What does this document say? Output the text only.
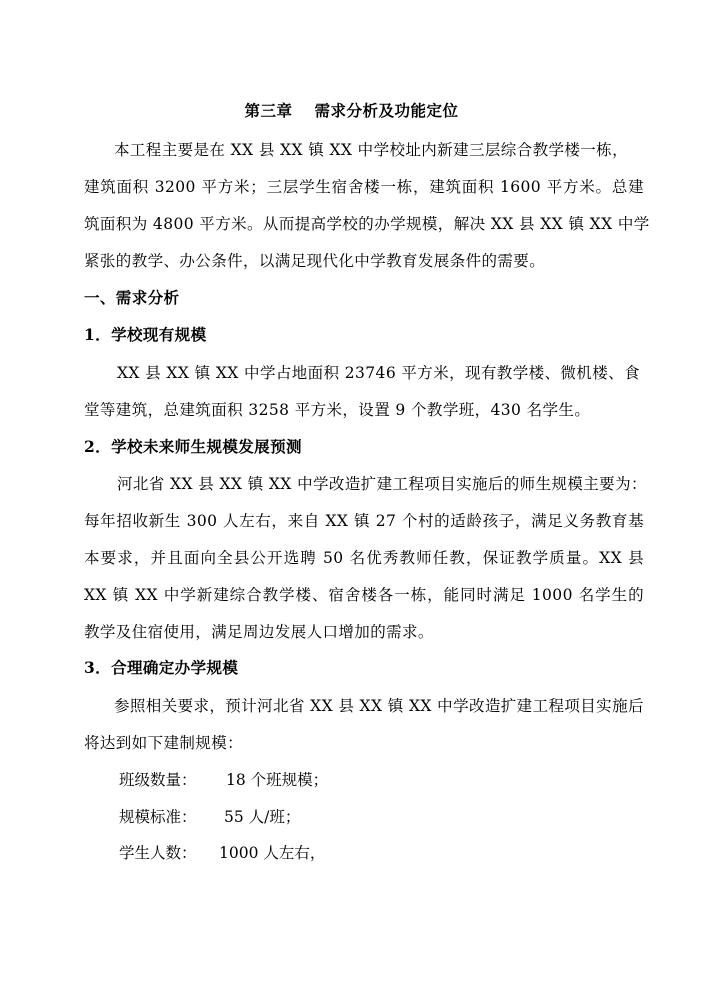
第三章 需求分析及功能定位
本工程主要是在 XX 县 XX 镇 XX 中学校址内新建三层综合教学楼一栋，
建筑面积 3200 平方米；三层学生宿舍楼一栋，建筑面积 1600 平方米。总建
筑面积为 4800 平方米。从而提高学校的办学规模，解决 XX 县 XX 镇 XX 中学
紧张的教学、办公条件，以满足现代化中学教育发展条件的需要。
一、需求分析
1．学校现有规模
XX 县 XX 镇 XX 中学占地面积 23746 平方米，现有教学楼、微机楼、食
堂等建筑，总建筑面积 3258 平方米，设置 9 个教学班，430 名学生。
2．学校未来师生规模发展预测
河北省 XX 县 XX 镇 XX 中学改造扩建工程项目实施后的师生规模主要为：
每年招收新生 300 人左右，来自 XX 镇 27 个村的适龄孩子，满足义务教育基
本要求，并且面向全县公开选聘 50 名优秀教师任教，保证教学质量。XX 县
XX 镇 XX 中学新建综合教学楼、宿舍楼各一栋，能同时满足 1000 名学生的
教学及住宿使用，满足周边发展人口增加的需求。
3．合理确定办学规模
参照相关要求，预计河北省 XX 县 XX 镇 XX 中学改造扩建工程项目实施后
将达到如下建制规模：
班级数量： 18 个班规模；
规模标准： 55 人/班；
学生人数： 1000 人左右，
